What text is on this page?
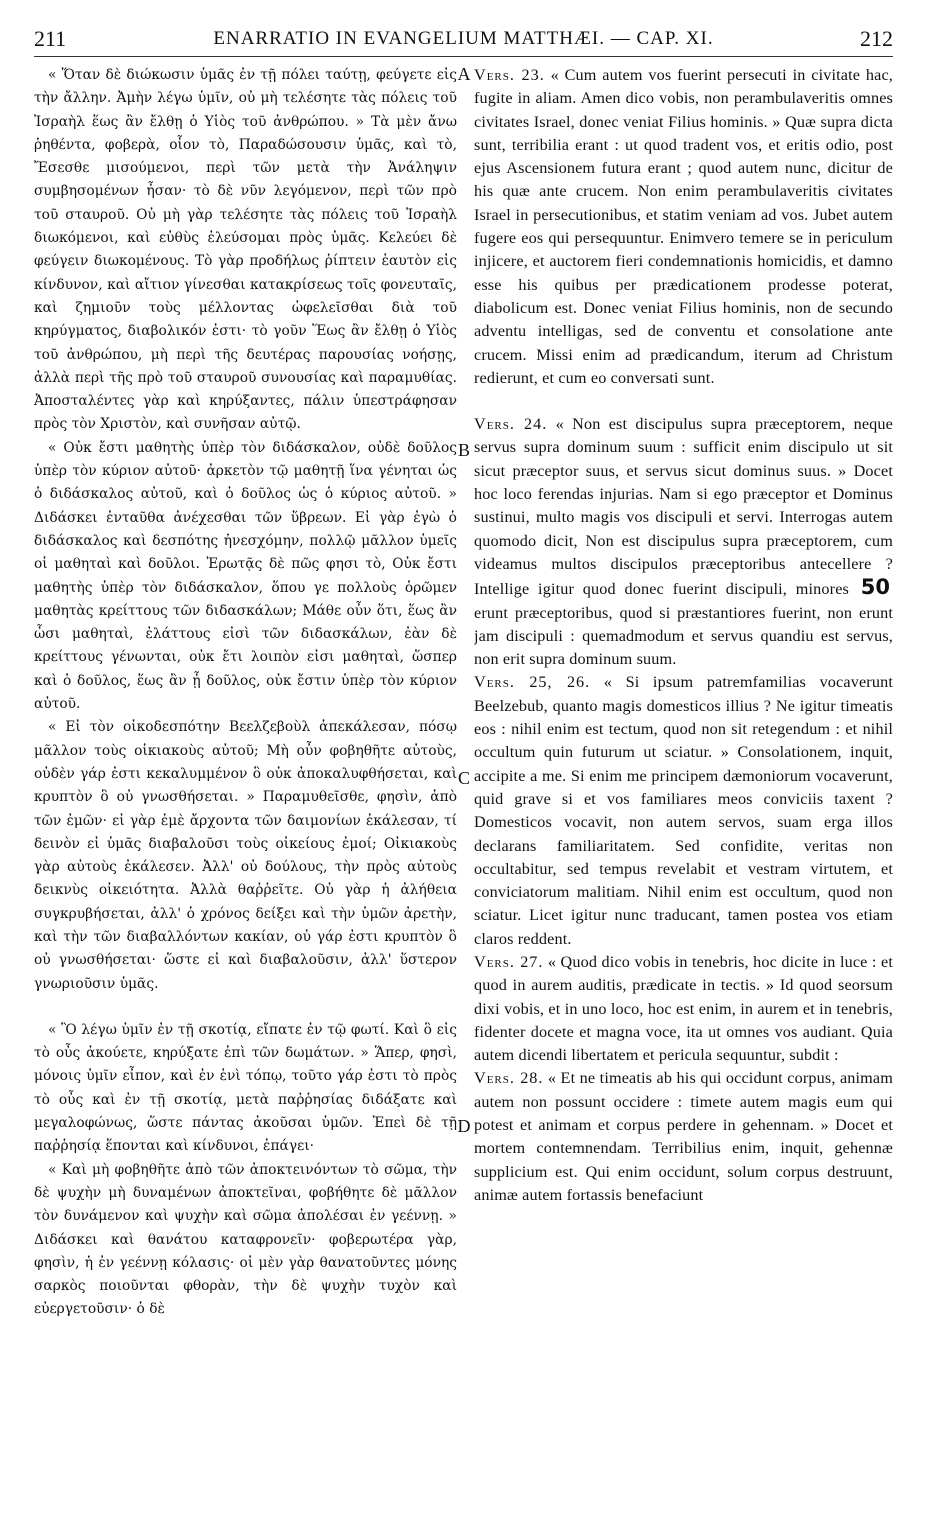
211	ENARRATIO IN EVANGELIUM MATTHÆI. — CAP. XI.	212

« Ὅταν δὲ διώκωσιν ὑμᾶς ἐν τῇ πόλει ταύτῃ, φεύγετε εἰς τὴν ἄλλην. Ἀμὴν λέγω ὑμῖν, οὐ μὴ τελέσητε τὰς πόλεις τοῦ Ἰσραὴλ ἕως ἂν ἔλθῃ ὁ Υἱὸς τοῦ ἀνθρώπου. » Τὰ μὲν ἄνω ῥηθέντα, φοβερὰ, οἷον τὸ, Παραδώσουσιν ὑμᾶς, καὶ τὸ, Ἔσεσθε μισούμενοι, περὶ τῶν μετὰ τὴν Ἀνάληψιν συμβησομένων ἦσαν· τὸ δὲ νῦν λεγόμενον, περὶ τῶν πρὸ τοῦ σταυροῦ. Οὐ μὴ γὰρ τελέσητε τὰς πόλεις τοῦ Ἰσραὴλ διωκόμενοι, καὶ εὐθὺς ἐλεύσομαι πρὸς ὑμᾶς. Κελεύει δὲ φεύγειν διωκομένους. Τὸ γὰρ προδήλως ῥίπτειν ἑαυτὸν εἰς κίνδυνον, καὶ αἴτιον γίνεσθαι κατακρίσεως τοῖς φονευταῖς, καὶ ζημιοῦν τοὺς μέλλοντας ὠφελεῖσθαι διὰ τοῦ κηρύγματος, διαβολικόν ἐστι· τὸ γοῦν Ἕως ἂν ἔλθῃ ὁ Υἱὸς τοῦ ἀνθρώπου, μὴ περὶ τῆς δευτέρας παρουσίας νοήσῃς, ἀλλὰ περὶ τῆς πρὸ τοῦ σταυροῦ συνουσίας καὶ παραμυθίας. Ἀποσταλέντες γὰρ καὶ κηρύξαντες, πάλιν ὑπεστράφησαν πρὸς τὸν Χριστὸν, καὶ συνῆσαν αὐτῷ.

« Οὐκ ἔστι μαθητὴς ὑπὲρ τὸν διδάσκαλον, οὐδὲ δοῦλος ὑπὲρ τὸν κύριον αὐτοῦ· ἀρκετὸν τῷ μαθητῇ ἵνα γένηται ὡς ὁ διδάσκαλος αὐτοῦ, καὶ ὁ δοῦλος ὡς ὁ κύριος αὐτοῦ. » Διδάσκει ἐνταῦθα ἀνέχεσθαι τῶν ὕβρεων. Εἰ γὰρ ἐγὼ ὁ διδάσκαλος καὶ δεσπότης ἠνεσχόμην, πολλῷ μᾶλλον ὑμεῖς οἱ μαθηταὶ καὶ δοῦλοι. Ἐρωτᾷς δὲ πῶς φησι τὸ, Οὐκ ἔστι μαθητὴς ὑπὲρ τὸν διδάσκαλον, ὅπου γε πολλοὺς ὁρῶμεν μαθητὰς κρείττους τῶν διδασκάλων; Μάθε οὖν ὅτι, ἕως ἂν ὦσι μαθηταὶ, ἐλάττους εἰσὶ τῶν διδασκάλων, ἐὰν δὲ κρείττους γένωνται, οὐκ ἔτι λοιπὸν εἰσι μαθηταὶ, ὥσπερ καὶ ὁ δοῦλος, ἕως ἂν ᾖ δοῦλος, οὐκ ἔστιν ὑπὲρ τὸν κύριον αὐτοῦ.

« Εἰ τὸν οἰκοδεσπότην Βεελζεβοὺλ ἀπεκάλεσαν, πόσῳ μᾶλλον τοὺς οἰκιακοὺς αὐτοῦ; Μὴ οὖν φοβηθῆτε αὐτοὺς, οὐδὲν γάρ ἐστι κεκαλυμμένον ὃ οὐκ ἀποκαλυφθήσεται, καὶ κρυπτὸν ὃ οὐ γνωσθήσεται. » Παραμυθεῖσθε, φησὶν, ἀπὸ τῶν ἐμῶν· εἰ γὰρ ἐμὲ ἄρχοντα τῶν δαιμονίων ἐκάλεσαν, τί δεινὸν εἰ ὑμᾶς διαβαλοῦσι τοὺς οἰκείους ἐμοί; Οἰκιακοὺς γὰρ αὐτοὺς ἐκάλεσεν. Ἀλλ' οὐ δούλους, τὴν πρὸς αὐτοὺς δεικνὺς οἰκειότητα. Ἀλλὰ θαῤῥεῖτε. Οὐ γὰρ ἡ ἀλήθεια συγκρυβήσεται, ἀλλ' ὁ χρόνος δείξει καὶ τὴν ὑμῶν ἀρετὴν, καὶ τὴν τῶν διαβαλλόντων κακίαν, οὐ γάρ ἐστι κρυπτὸν ὃ οὐ γνωσθήσεται· ὥστε εἰ καὶ διαβαλοῦσιν, ἀλλ' ὕστερον γνωριοῦσιν ὑμᾶς.

« Ὃ λέγω ὑμῖν ἐν τῇ σκοτίᾳ, εἴπατε ἐν τῷ φωτί. Καὶ ὃ εἰς τὸ οὖς ἀκούετε, κηρύξατε ἐπὶ τῶν δωμάτων. » Ἅπερ, φησὶ, μόνοις ὑμῖν εἶπον, καὶ ἐν ἑνὶ τόπῳ, τοῦτο γάρ ἐστι τὸ πρὸς τὸ οὖς καὶ ἐν τῇ σκοτίᾳ, μετὰ παῤῥησίας διδάξατε καὶ μεγαλοφώνως, ὥστε πάντας ἀκοῦσαι ὑμῶν. Ἐπεὶ δὲ τῇ παῤῥησίᾳ ἕπονται καὶ κίνδυνοι, ἐπάγει·

« Καὶ μὴ φοβηθῆτε ἀπὸ τῶν ἀποκτεινόντων τὸ σῶμα, τὴν δὲ ψυχὴν μὴ δυναμένων ἀποκτεῖναι, φοβήθητε δὲ μᾶλλον τὸν δυνάμενον καὶ ψυχὴν καὶ σῶμα ἀπολέσαι ἐν γεέννῃ. » Διδάσκει καὶ θανάτου καταφρονεῖν· φοβερωτέρα γὰρ, φησὶν, ἡ ἐν γεέννῃ κόλασις· οἱ μὲν γὰρ θανατοῦντες μόνης σαρκὸς ποιοῦνται φθορὰν, τὴν δὲ ψυχὴν τυχὸν καὶ εὐεργετοῦσιν· ὁ δὲ

A
B
C
D

Vers. 23. « Cum autem vos fuerint persecuti in civitate hac, fugite in aliam. Amen dico vobis, non perambulaveritis omnes civitates Israel, donec veniat Filius hominis. » Quæ supra dicta sunt, terribilia erant : ut quod tradent vos, et eritis odio, post ejus Ascensionem futura erant ; quod autem nunc, dicitur de his quæ ante crucem. Non enim perambulaveritis civitates Israel in persecutionibus, et statim veniam ad vos. Jubet autem fugere eos qui persequuntur. Enimvero temere se in periculum injicere, et auctorem fieri condemnationis homicidis, et damno esse his quibus per prædicationem prodesse poterat, diabolicum est. Donec veniat Filius hominis, non de secundo adventu intelligas, sed de conventu et consolatione ante crucem. Missi enim ad prædicandum, iterum ad Christum redierunt, et cum eo conversati sunt.

Vers. 24. « Non est discipulus supra præceptorem, neque servus supra dominum suum : sufficit enim discipulo ut sit sicut præceptor suus, et servus sicut dominus suus. » Docet hoc loco ferendas injurias. Nam si ego præceptor et Dominus sustinui, multo magis vos discipuli et servi. Interrogas autem quomodo dicit, Non est discipulus supra præceptorem, cum videamus multos discipulos præceptoribus antecellere ? Intellige igitur quod donec fuerint discipuli, minores 50 erunt præceptoribus, quod si præstantiores fuerint, non erunt jam discipuli : quemadmodum et servus quandiu est servus, non erit supra dominum suum.

Vers. 25, 26. « Si ipsum patremfamilias vocaverunt Beelzebub, quanto magis domesticos illius ? Ne igitur timeatis eos : nihil enim est tectum, quod non sit retegendum : et nihil occultum quin futurum ut sciatur. » Consolationem, inquit, accipite a me. Si enim me principem dæmoniorum vocaverunt, quid grave si et vos familiares meos conviciis taxent ? Domesticos vocavit, non autem servos, suam erga illos declarans familiaritatem. Sed confidite, veritas non occultabitur, sed tempus revelabit et vestram virtutem, et conviciatorum malitiam. Nihil enim est occultum, quod non sciatur. Licet igitur nunc traducant, tamen postea vos etiam claros reddent.

Vers. 27. « Quod dico vobis in tenebris, hoc dicite in luce : et quod in aurem auditis, prædicate in tectis. » Id quod seorsum dixi vobis, et in uno loco, hoc est enim, in aurem et in tenebris, fidenter docete et magna voce, ita ut omnes vos audiant. Quia autem dicendi libertatem et pericula sequuntur, subdit :

Vers. 28. « Et ne timeatis ab his qui occidunt corpus, animam autem non possunt occidere : timete autem magis eum qui potest et animam et corpus perdere in gehennam. » Docet et mortem contemnendam. Terribilius enim, inquit, gehennæ supplicium est. Qui enim occidunt, solum corpus destruunt, animæ autem fortassis benefaciunt
